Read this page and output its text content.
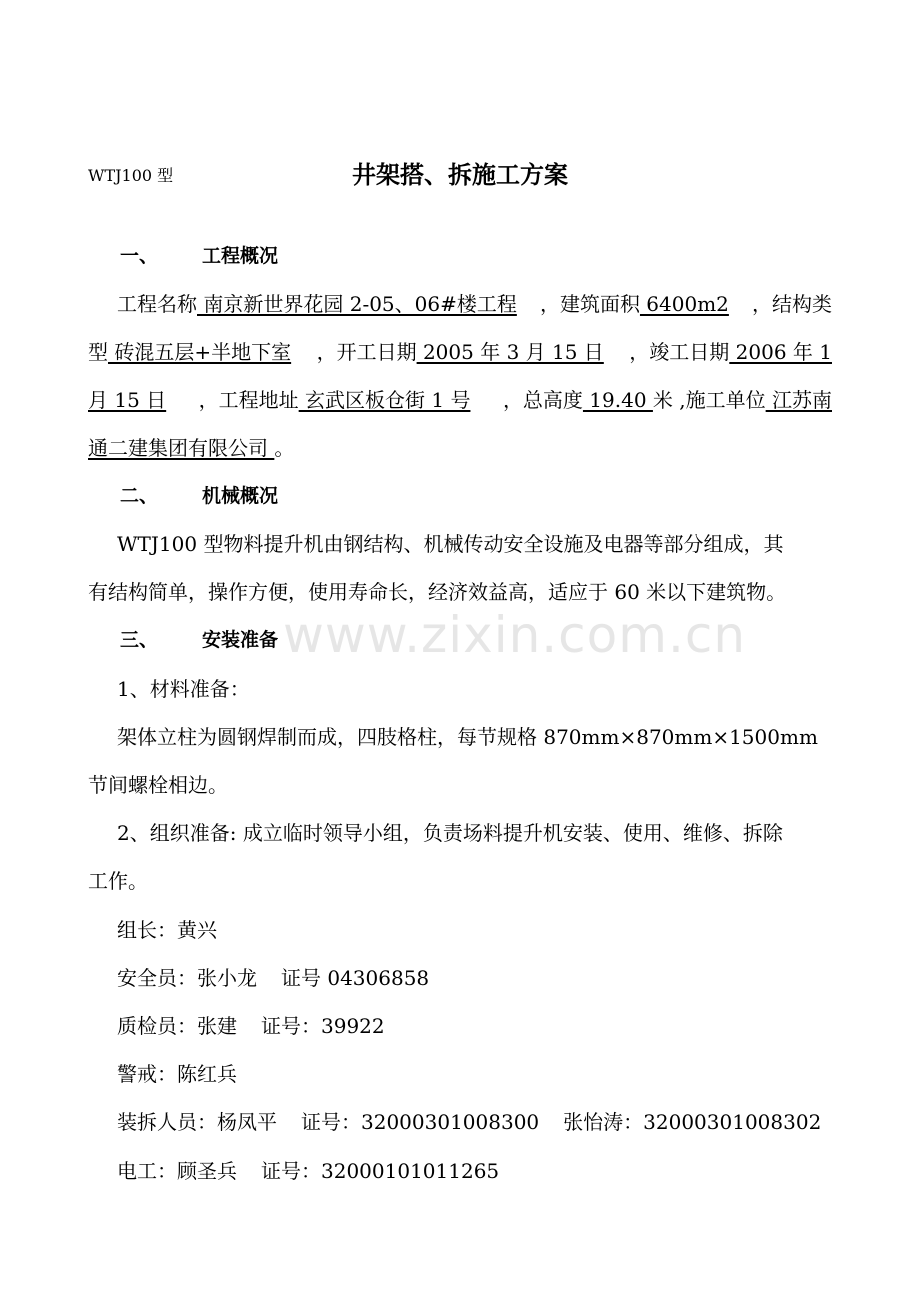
WTJ100 型	井架搭、拆施工方案
一、 工程概况
工程名称 南京新世界花园 2-05、06#楼工程 ，建筑面积 6400m2 ，结构类
型 砖混五层+半地下室 ，开工日期 2005 年 3 月 15 日 ，竣工日期 2006 年 1
月 15 日 ，工程地址 玄武区板仓街 1 号 ，总高度 19.40 米 ,施工单位 江苏南
通二建集团有限公司 。
二、 机械概况
WTJ100 型物料提升机由钢结构、机械传动安全设施及电器等部分组成，其
有结构简单，操作方便，使用寿命长，经济效益高，适应于 60 米以下建筑物。
三、 安装准备
1、材料准备：
架体立柱为圆钢焊制而成，四肢格柱，每节规格 870mm×870mm×1500mm
节间螺栓相边。
2、组织准备: 成立临时领导小组，负责场料提升机安装、使用、维修、拆除
工作。
组长：黄兴
安全员：张小龙 证号 04306858
质检员：张建 证号：39922
警戒：陈红兵
装拆人员：杨凤平 证号：32000301008300 张怡涛：32000301008302
电工：顾圣兵 证号：32000101011265
www.zixin.com.cn
